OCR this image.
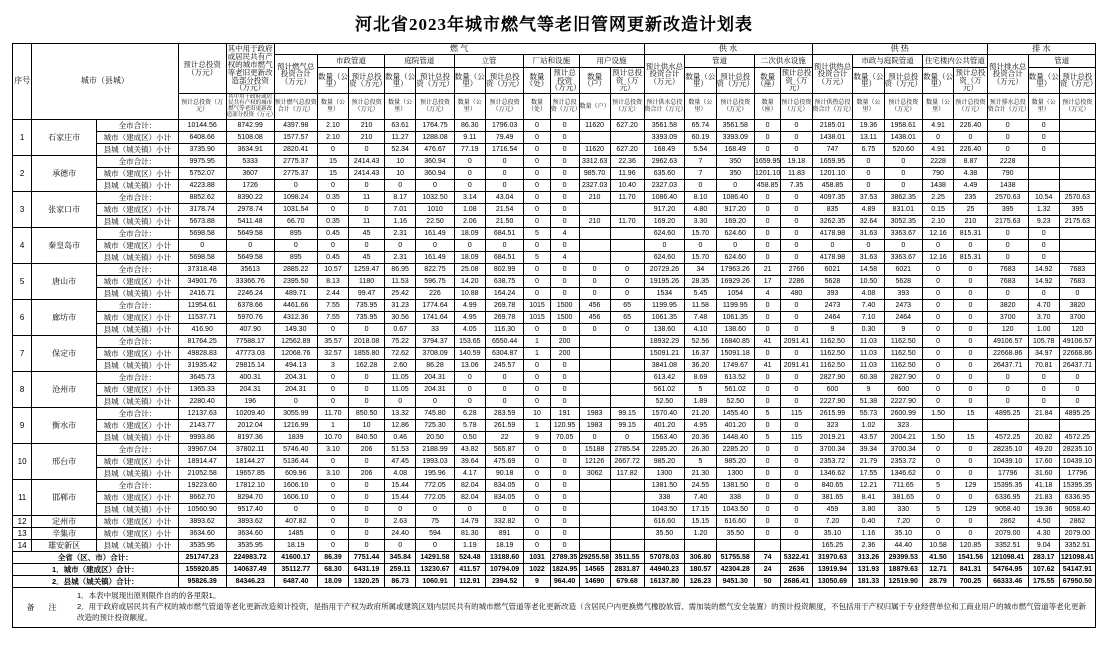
河北省2023年城市燃气等老旧管网更新改造计划表
序号	城市（县城）		预计总投资（万元）	其中用于政府或居民共有产权的城市燃气等老旧更新改造部分投资（万元）	燃 气											供 水					供 热					排 水		
					预计燃气总投资合计（万元）	市政管道		庭院管道		立管		厂站和设施		用户设施		预计供水总投资合计（万元）	管道		二次供水设施		预计供热总投资合计（万元）	市政与庭院管道		住宅楼内公共管道		预计排水总投资合计（万元）	管道	
						数量（公里）	预计总投资（万元）	数量（公里）	预计总投资（万元）	数量（公里）	预计总投资（万元）	数量（处）	预计总投资（万元）	数量（户）	预计总投资（万元）		数量（公里）	预计总投资（万元）	数量（座）	预计总投资（万元）		数量（公里）	预计总投资（万元）	数量（公里）	预计总投资（万元）		数量（公里）	预计总投资（万元）
			预计总投资（万元）	其中用于政府或居民共有产权的城市燃气等老旧更新改造部分投资（万元）	预计燃气总投资合计（万元）	数量（公里）	预计总投资（万元）	数量（公里）	预计总投资（万元）	数量（公里）	预计总投资（万元）	数量（处）	预计总投资（万元）	数量（户）	预计总投资（万元）	预计供水总投资合计（万元）	数量（公里）	预计总投资（万元）	数量（座）	预计总投资（万元）	预计供热总投资合计（万元）	数量（公里）	预计总投资（万元）	数量（公里）	预计总投资（万元）	预计排水总投资合计（万元）	数量（公里）	预计总投资（万元）
1	石家庄市	全市合计：	10144.56	8742.99	4397.98	2.10	210	63.61	1764.75	86.30	1796.03	0	0	11620	627.20	3561.58	65.74	3561.58	0	0	2185.01	19.36	1958.61	4.91	226.40	0	0	
		城市（建成区）小计	6408.66	5108.08	1577.57	2.10	210	11.27	1288.08	9.11	79.49	0	0			3393.09	60.19	3393.09	0	0	1438.01	13.11	1438.01	0	0	0	0	
		县城（城关镇）小计	3735.90	3634.91	2820.41	0	0	52.34	476.67	77.19	1716.54	0	0	11620	627.20	168.49	5.54	168.49	0	0	747	6.75	520.60	4.91	226.40	0	0	
2	承德市	全市合计：	9975.95	5333	2775.37	15	2414.43	10	360.94	0	0	0	0	3312.63	22.36	2962.63	7	350	1659.95	19.18	1659.95	0	0	2228	8.87	2228		
		城市（建成区）小计	5752.07	3607	2775.37	15	2414.43	10	360.94	0	0	0	0	985.70	11.96	635.60	7	350	1201.10	11.83	1201.10	0	0	790	4.38	790		
		县城（城关镇）小计	4223.88	1726	0	0	0	0	0	0	0	0	0	2327.03	10.40	2327.03	0	0	458.85	7.35	458.85	0	0	1438	4.49	1438		
3	张家口市	全市合计：	8852.62	8390.22	1098.24	0.35	11	8.17	1032.50	3.14	43.04	0	0	210	11.70	1086.40	8.10	1086.40	0	0	4097.35	37.53	3862.35	2.25	235	2570.63	10.54	2570.63
		城市（建成区）小计	3178.74	2978.74	1031.54	0	0	7.01	1010	1.08	21.54	0	0			917.20	4.80	917.20	0	0	835	4.89	831.01	0.15	25	395	1.32	395
		县城（城关镇）小计	5673.88	5411.48	66.70	0.35	11	1.16	22.50	2.06	21.50	0	0	210	11.70	169.20	3.30	169.20	0	0	3262.35	32.64	3052.35	2.10	210	2175.63	9.23	2175.63
4	秦皇岛市	全市合计：	5698.58	5649.58	895	0.45	45	2.31	161.49	18.09	684.51	5	4			624.60	15.70	624.60	0	0	4178.98	31.63	3363.67	12.16	815.31	0	0	
		城市（建成区）小计	0	0	0	0	0	0	0	0	0	0	0			0	0	0	0	0	0	0	0	0	0	0	0	
		县城（城关镇）小计	5698.58	5649.58	895	0.45	45	2.31	161.49	18.09	684.51	5	4			624.60	15.70	624.60	0	0	4178.98	31.63	3363.67	12.16	815.31	0	0	
5	唐山市	全市合计：	37318.48	35613	2885.22	10.57	1259.47	86.95	822.75	25.08	802.99	0	0	0	0	20729.26	34	17963.26	21	2766	6021	14.58	6021	0	0	7683	14.92	7683
		城市（建成区）小计	34901.76	33366.76	2395.50	8.13	1180	11.53	596.75	14.20	638.75	0	0	0	0	19195.26	28.35	16929.26	17	2286	5628	10.50	5628	0	0	7683	14.92	7683
		县城（城关镇）小计	2416.71	2246.24	489.71	2.44	99.47	25.42	226	10.88	164.24	0	0	0	0	1534	5.45	1054	4	480	393	4.08	393	0	0	0	0	0
6	廊坊市	全市合计：	11954.61	6378.66	4461.66	7.55	735.95	31.23	1774.64	4.99	269.78	1015	1500	456	65	1199.95	11.58	1199.95	0	0	2473	7.40	2473	0	0	3820	4.70	3820
		城市（建成区）小计	11537.71	5970.76	4312.36	7.55	735.95	30.56	1741.64	4.95	269.78	1015	1500	456	65	1061.35	7.48	1061.35	0	0	2464	7.10	2464	0	0	3700	3.70	3700
		县城（城关镇）小计	416.90	407.90	149.30	0	0	0.67	33	4.05	116.30	0	0	0	0	138.60	4.10	138.60	0	0	9	0.30	9	0	0	120	1.00	120
7	保定市	全市合计：	81764.25	77588.17	12562.89	35.57	2018.08	75.22	3794.37	153.65	6550.44	1	200			18932.29	52.56	16840.85	41	2091.41	1162.50	11.03	1162.50	0	0	49106.57	105.78	49106.57
		城市（建成区）小计	49828.83	47773.03	12068.76	32.57	1855.80	72.62	3708.09	140.59	6304.87	1	200			15091.21	16.37	15091.18	0	0	1162.50	11.03	1162.50	0	0	22668.86	34.97	22668.86
		县城（城关镇）小计	31935.42	29815.14	494.13	3	162.28	2.60	86.28	13.06	245.57	0	0			3841.08	36.20	1749.67	41	2091.41	1162.50	11.03	1162.50	0	0	26437.71	70.81	26437.71
8	沧州市	全市合计：	3645.73	400.31	204.31	0	0	11.05	204.31	0	0	0	0			613.42	8.69	613.52	0	0	2827.90	60.38	2827.90	0	0	0	0	0
		城市（建成区）小计	1365.33	204.31	204.31	0	0	11.05	204.31	0	0	0	0			561.02	5	561.02	0	0	600	9	600	0	0	0	0	0
		县城（城关镇）小计	2280.40	196	0	0	0	0	0	0	0	0	0			52.50	1.89	52.50	0	0	2227.90	51.38	2227.90	0	0	0	0	0
9	衡水市	全市合计：	12137.63	10209.40	3055.99	11.70	850.50	13.32	745.80	6.28	283.59	10	191	1983	99.15	1570.40	21.20	1455.40	5	115	2615.99	55.73	2600.99	1.50	15	4895.25	21.84	4895.25
		城市（建成区）小计	2143.77	2012.04	1216.99	1	10	12.86	725.30	5.78	261.59	1	120.95	1983	99.15	401.20	4.95	401.20	0	0	323	1.02	323					
		县城（城关镇）小计	9993.86	8197.36	1839	10.70	840.50	0.46	20.50	0.50	22	9	70.05	0	0	1563.40	20.36	1448.40	5	115	2019.21	43.57	2004.21	1.50	15	4572.25	20.82	4572.25
10	邢台市	全市合计：	39967.04	37802.11	5746.40	3.10	206	51.53	2188.99	43.82	565.87	0	0	15188	2785.54	2285.20	26.30	2285.20	0	0	3700.34	39.34	3700.34	0	0	28235.10	49.20	28235.10
		城市（建成区）小计	18914.47	18144.27	5136.44	0	0	47.45	1993.03	39.64	475.69	0	0	12126	2667.72	985.20	5	985.20	0	0	2353.72	21.79	2353.72	0	0	10439.10	17.60	10439.10
		县城（城关镇）小计	21052.58	19657.85	609.96	3.10	206	4.08	195.96	4.17	90.18	0	0	3062	117.82	1300	21.30	1300	0	0	1346.62	17.55	1346.62	0	0	17796	31.60	17796
11	邯郸市	全市合计：	19223.60	17812.10	1606.10	0	0	15.44	772.05	82.04	834.05	0	0			1381.50	24.55	1381.50	0	0	840.65	12.21	711.65	5	129	15395.35	41.18	15395.35
		城市（建成区）小计	8662.70	8294.70	1606.10	0	0	15.44	772.05	82.04	834.05	0	0			338	7.40	338	0	0	381.65	8.41	381.65	0	0	6336.95	21.83	6336.95
		县城（城关镇）小计	10560.90	9517.40	0	0	0	0	0	0	0	0	0			1043.50	17.15	1043.50	0	0	459	3.80	330	5	129	9058.40	19.36	9058.40
12	定州市	城市（建成区）小计	3893.62	3893.62	407.82	0	0	2.63	75	14.79	332.82	0	0			616.60	15.15	616.60	0	0	7.20	0.40	7.20	0	0	2862	4.50	2862
13	辛集市	城市（建成区）小计	3634.60	3634.60	1485	0	0	24.40	594	81.30	891	0	0			35.50	1.20	35.50	0	0	35.10	1.16	35.10	0	0	2079.00	4.30	2079.00
14	雄安新区	县城（城关镇）小计	3535.95	3535.95	18.19	0	0	0	0	1.19	18.19	0	0								165.25	2.36	44.40	10.58	120.85	3352.51	9.04	3352.51
全省（区、市）合计：			251747.23	224983.72	41600.17	86.39	7751.44	345.84	14291.58	524.48	13188.60	1031	2789.35	29255.58	3511.55	57078.03	306.80	51755.58	74	5322.41	31970.63	313.26	29399.53	41.50	1541.56	121098.41	283.17	121098.41
1．城市（建成区）合计：			155920.85	140637.49	35112.77	68.30	6431.19	259.11	13230.67	411.57	10794.09	1022	1824.95	14565	2831.87	44940.23	180.57	42304.28	24	2636	13919.94	131.93	18879.63	12.71	841.31	54764.95	107.62	54147.91
2．县城（城关镇）合计：			95826.39	84346.23	6487.40	18.09	1320.25	86.73	1060.91	112.91	2394.52	9	964.40	14690	679.68	16137.80	126.23	9451.30	50	2686.41	13050.69	181.33	12519.90	28.79	700.25	66333.46	175.55	67950.50
备　注
1．本表中展现出原则限作自的的各里限1。
2．用于政府或居民共有产权的城市燃气管道等老化更新改造须计投资，是指用于产权为政府所属或建筑区划内层民共有的城市燃气管道等老化更新改造（含居民户内更换燃气橡胶软管、需加装的燃气安全装置）的预计投资额度，不包括用于产权归属于专业经营单位和工商业用户的城市燃气管道等老化更新改造的预计投资额度。
